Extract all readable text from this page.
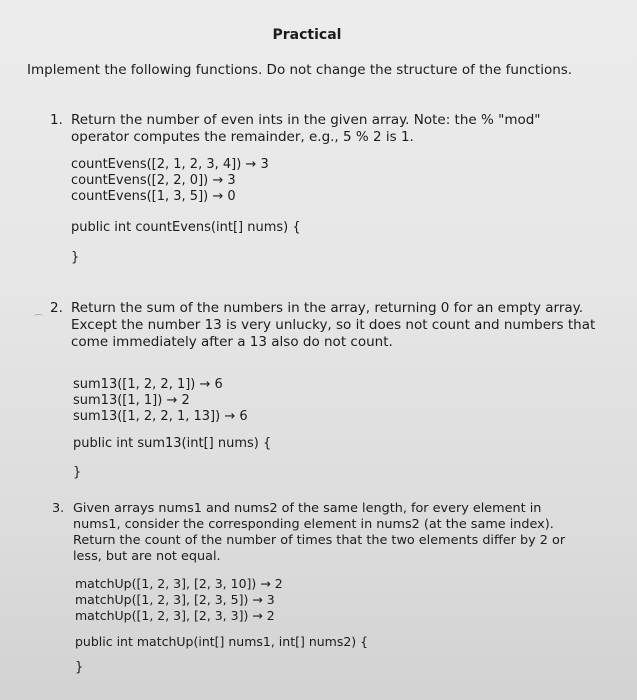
Practical
Implement the following functions. Do not change the structure of the functions.
1. Return the number of even ints in the given array. Note: the % "mod"
operator computes the remainder, e.g., 5 % 2 is 1.
countEvens([2, 1, 2, 3, 4]) → 3
countEvens([2, 2, 0]) → 3
countEvens([1, 3, 5]) → 0
public int countEvens(int[] nums) {
}
⌒
2. Return the sum of the numbers in the array, returning 0 for an empty array.
Except the number 13 is very unlucky, so it does not count and numbers that
come immediately after a 13 also do not count.
sum13([1, 2, 2, 1]) → 6
sum13([1, 1]) → 2
sum13([1, 2, 2, 1, 13]) → 6
public int sum13(int[] nums) {
}
3. Given arrays nums1 and nums2 of the same length, for every element in
nums1, consider the corresponding element in nums2 (at the same index).
Return the count of the number of times that the two elements differ by 2 or
less, but are not equal.
matchUp([1, 2, 3], [2, 3, 10]) → 2
matchUp([1, 2, 3], [2, 3, 5]) → 3
matchUp([1, 2, 3], [2, 3, 3]) → 2
public int matchUp(int[] nums1, int[] nums2) {
}
